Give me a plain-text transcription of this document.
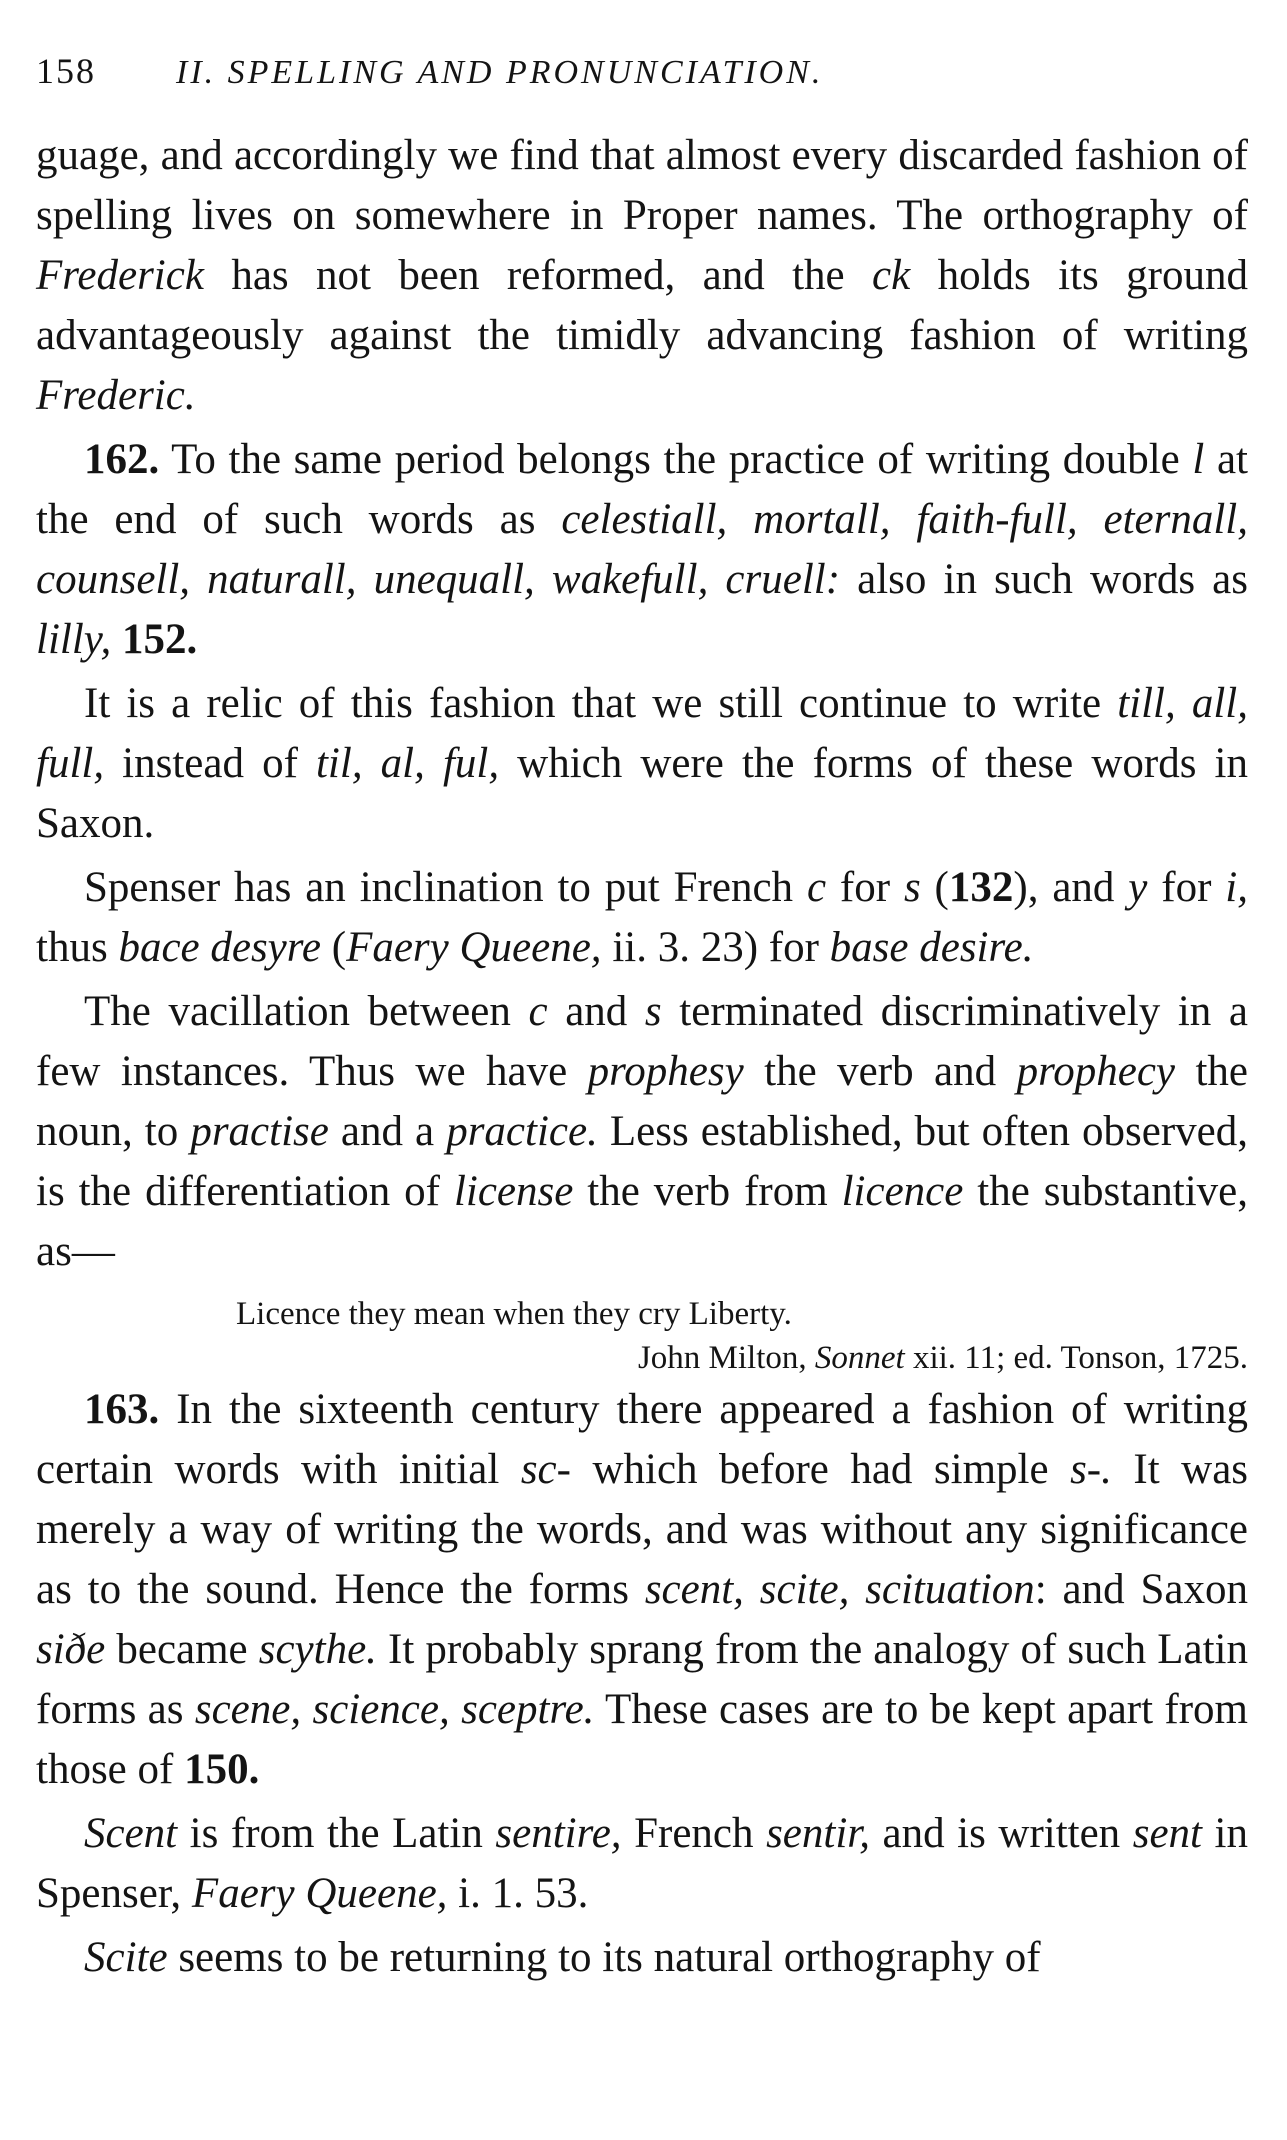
158	II. SPELLING AND PRONUNCIATION.

guage, and accordingly we find that almost every discarded fashion of spelling lives on somewhere in Proper names. The orthography of Frederick has not been reformed, and the ck holds its ground advantageously against the timidly advancing fashion of writing Frederic.

162. To the same period belongs the practice of writing double l at the end of such words as celestiall, mortall, faith-full, eternall, counsell, naturall, unequall, wakefull, cruell: also in such words as lilly, 152.

It is a relic of this fashion that we still continue to write till, all, full, instead of til, al, ful, which were the forms of these words in Saxon.

Spenser has an inclination to put French c for s (132), and y for i, thus bace desyre (Faery Queene, ii. 3. 23) for base desire.

The vacillation between c and s terminated discriminatively in a few instances. Thus we have prophesy the verb and prophecy the noun, to practise and a practice. Less established, but often observed, is the differentiation of license the verb from licence the substantive, as—

Licence they mean when they cry Liberty.
John Milton, Sonnet xii. 11; ed. Tonson, 1725.

163. In the sixteenth century there appeared a fashion of writing certain words with initial sc- which before had simple s-. It was merely a way of writing the words, and was without any significance as to the sound. Hence the forms scent, scite, scituation: and Saxon siðe became scythe. It probably sprang from the analogy of such Latin forms as scene, science, sceptre. These cases are to be kept apart from those of 150.

Scent is from the Latin sentire, French sentir, and is written sent in Spenser, Faery Queene, i. 1. 53.

Scite seems to be returning to its natural orthography of
